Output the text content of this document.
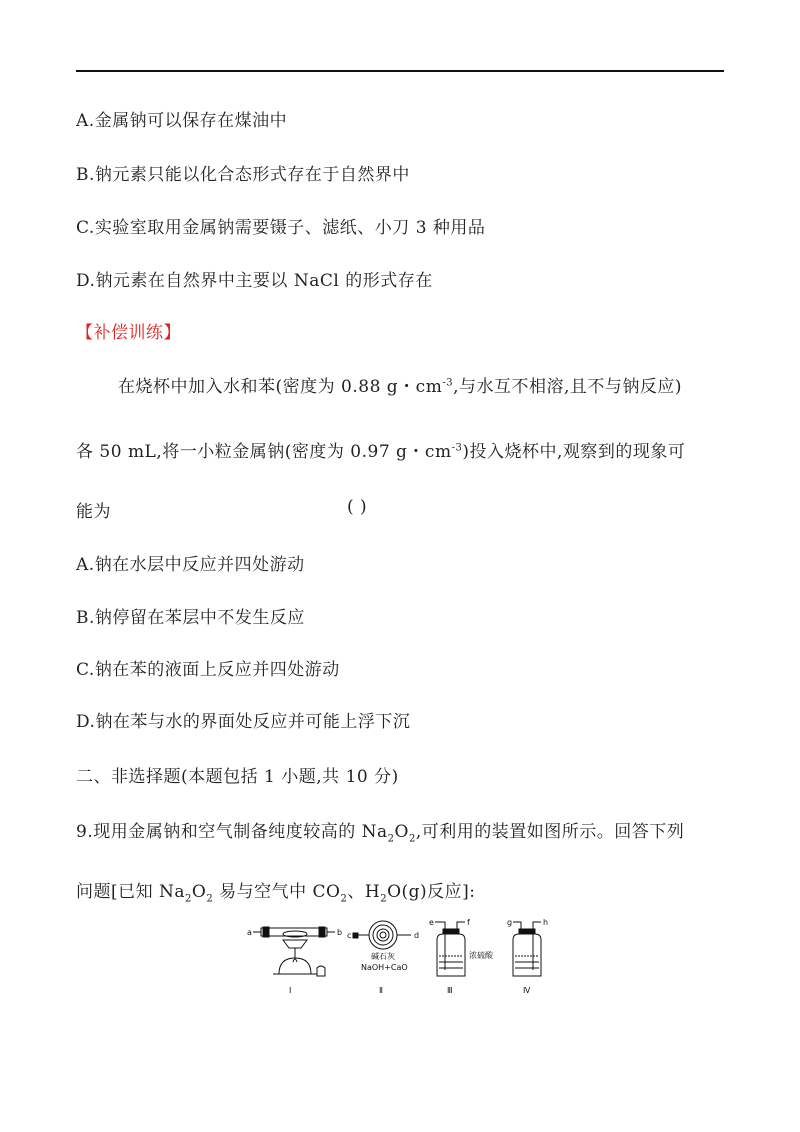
A.金属钠可以保存在煤油中
B.钠元素只能以化合态形式存在于自然界中
C.实验室取用金属钠需要镊子、滤纸、小刀 3 种用品
D.钠元素在自然界中主要以 NaCl 的形式存在
【补偿训练】
在烧杯中加入水和苯(密度为 0.88 g・$cm^{-3}$,与水互不相溶,且不与钠反应)
各 50 mL,将一小粒金属钠(密度为 0.97 g・$cm^{-3}$)投入烧杯中,观察到的现象可
能为	( )
A.钠在水层中反应并四处游动
B.钠停留在苯层中不发生反应
C.钠在苯的液面上反应并四处游动
D.钠在苯与水的界面处反应并可能上浮下沉
二、非选择题(本题包括 1 小题,共 10 分)
9.现用金属钠和空气制备纯度较高的 $Na_2O_2$,可利用的装置如图所示。回答下列
问题[已知 $Na_2O_2$ 易与空气中 $CO_2$、$H_2O(g)$反应]:
a	b
Ⅰ
c	d
碱石灰
NaOH+CaO
Ⅱ
e	f
浓硫酸
Ⅲ
g	h
Ⅳ
